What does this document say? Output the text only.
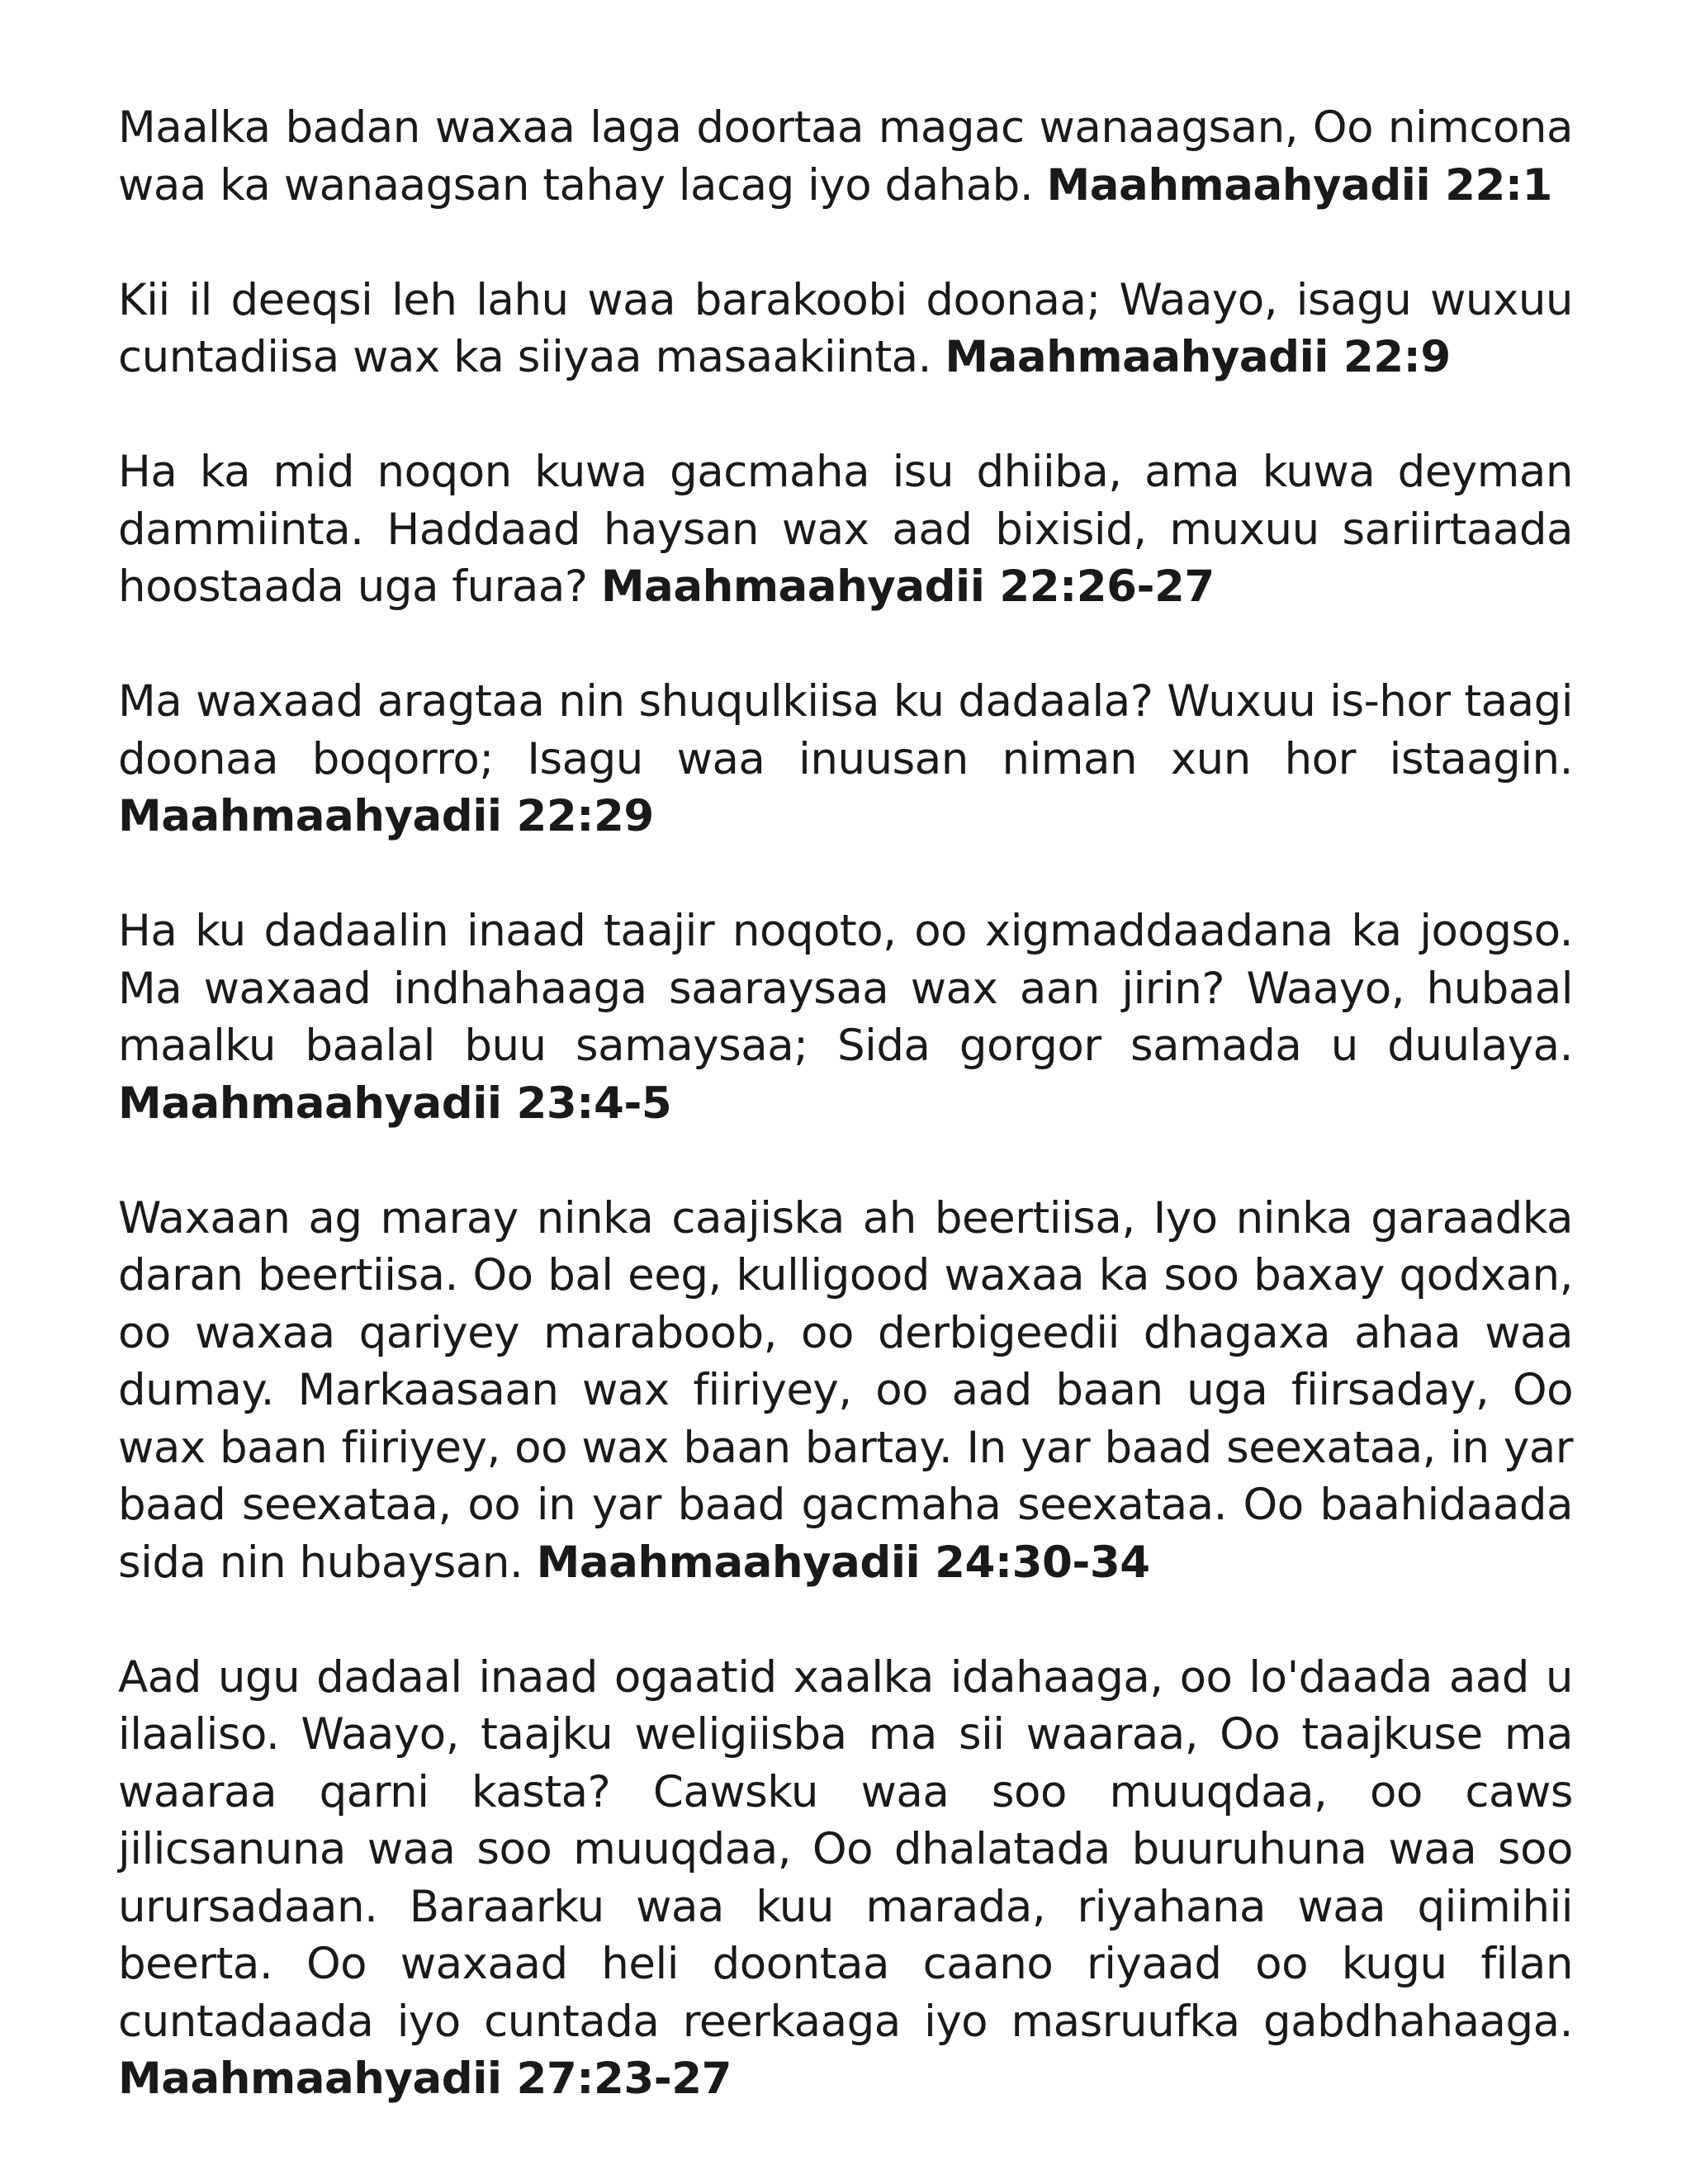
Maalka badan waxaa laga doortaa magac wanaagsan, Oo nimcona waa ka wanaagsan tahay lacag iyo dahab. Maahmaahyadii 22:1

Kii il deeqsi leh lahu waa barakoobi doonaa; Waayo, isagu wuxuu cuntadiisa wax ka siiyaa masaakiinta. Maahmaahyadii 22:9

Ha ka mid noqon kuwa gacmaha isu dhiiba, ama kuwa deyman dammiinta. Haddaad haysan wax aad bixisid, muxuu sariirtaada hoostaada uga furaa? Maahmaahyadii 22:26-27

Ma waxaad aragtaa nin shuqulkiisa ku dadaala? Wuxuu is-hor taagi doonaa boqorro; Isagu waa inuusan niman xun hor istaagin. Maahmaahyadii 22:29

Ha ku dadaalin inaad taajir noqoto, oo xigmaddaadana ka joogso. Ma waxaad indhahaaga saaraysaa wax aan jirin? Waayo, hubaal maalku baalal buu samaysaa; Sida gorgor samada u duulaya. Maahmaahyadii 23:4-5

Waxaan ag maray ninka caajiska ah beertiisa, Iyo ninka garaadka daran beertiisa. Oo bal eeg, kulligood waxaa ka soo baxay qodxan, oo waxaa qariyey maraboob, oo derbigeedii dhagaxa ahaa waa dumay. Markaasaan wax fiiriyey, oo aad baan uga fiirsaday, Oo wax baan fiiriyey, oo wax baan bartay. In yar baad seexataa, in yar baad seexataa, oo in yar baad gacmaha seexataa. Oo baahidaada sida nin hubaysan. Maahmaahyadii 24:30-34

Aad ugu dadaal inaad ogaatid xaalka idahaaga, oo lo'daada aad u ilaaliso. Waayo, taajku weligiisba ma sii waaraa, Oo taajkuse ma waaraa qarni kasta? Cawsku waa soo muuqdaa, oo caws jilicsanuna waa soo muuqdaa, Oo dhalatada buuruhuna waa soo urursadaan. Baraarku waa kuu marada, riyahana waa qiimihii beerta. Oo waxaad heli doontaa caano riyaad oo kugu filan cuntadaada iyo cuntada reerkaaga iyo masruufka gabdhahaaga. Maahmaahyadii 27:23-27
